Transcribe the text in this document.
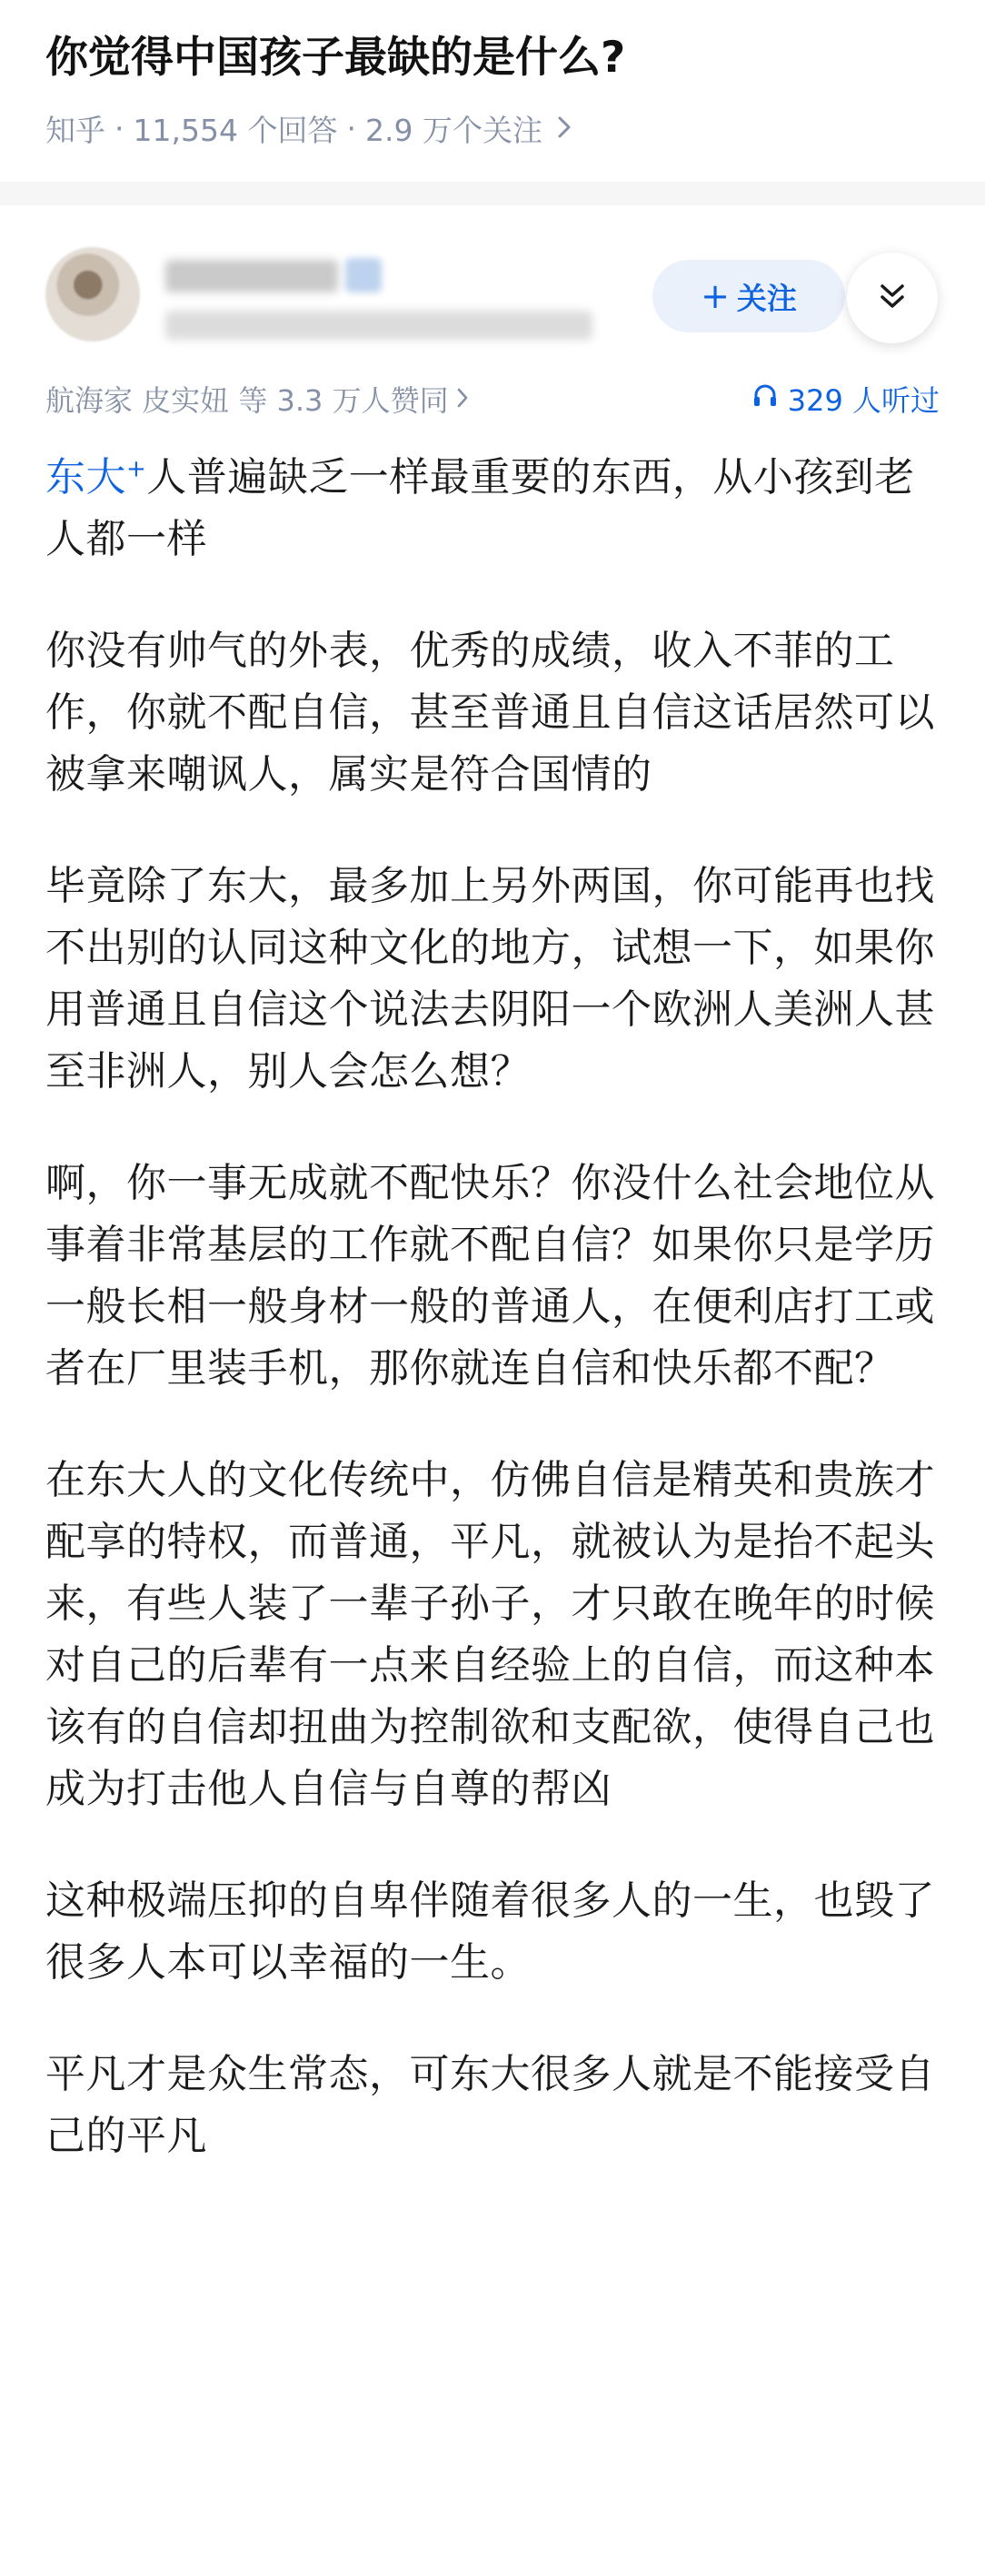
你觉得中国孩子最缺的是什么?
知乎 · 11,554 个回答 · 2.9 万个关注
+ 关注
航海家 皮实妞 等 3.3 万人赞同	329 人听过

东大+人普遍缺乏一样最重要的东西，从小孩到老人都一样

你没有帅气的外表，优秀的成绩，收入不菲的工作，你就不配自信，甚至普通且自信这话居然可以被拿来嘲讽人，属实是符合国情的

毕竟除了东大，最多加上另外两国，你可能再也找不出别的认同这种文化的地方，试想一下，如果你用普通且自信这个说法去阴阳一个欧洲人美洲人甚至非洲人，别人会怎么想？

啊，你一事无成就不配快乐？你没什么社会地位从事着非常基层的工作就不配自信？如果你只是学历一般长相一般身材一般的普通人，在便利店打工或者在厂里装手机，那你就连自信和快乐都不配？

在东大人的文化传统中，仿佛自信是精英和贵族才配享的特权，而普通，平凡，就被认为是抬不起头来，有些人装了一辈子孙子，才只敢在晚年的时候对自己的后辈有一点来自经验上的自信，而这种本该有的自信却扭曲为控制欲和支配欲，使得自己也成为打击他人自信与自尊的帮凶

这种极端压抑的自卑伴随着很多人的一生，也毁了很多人本可以幸福的一生。

平凡才是众生常态，可东大很多人就是不能接受自己的平凡
